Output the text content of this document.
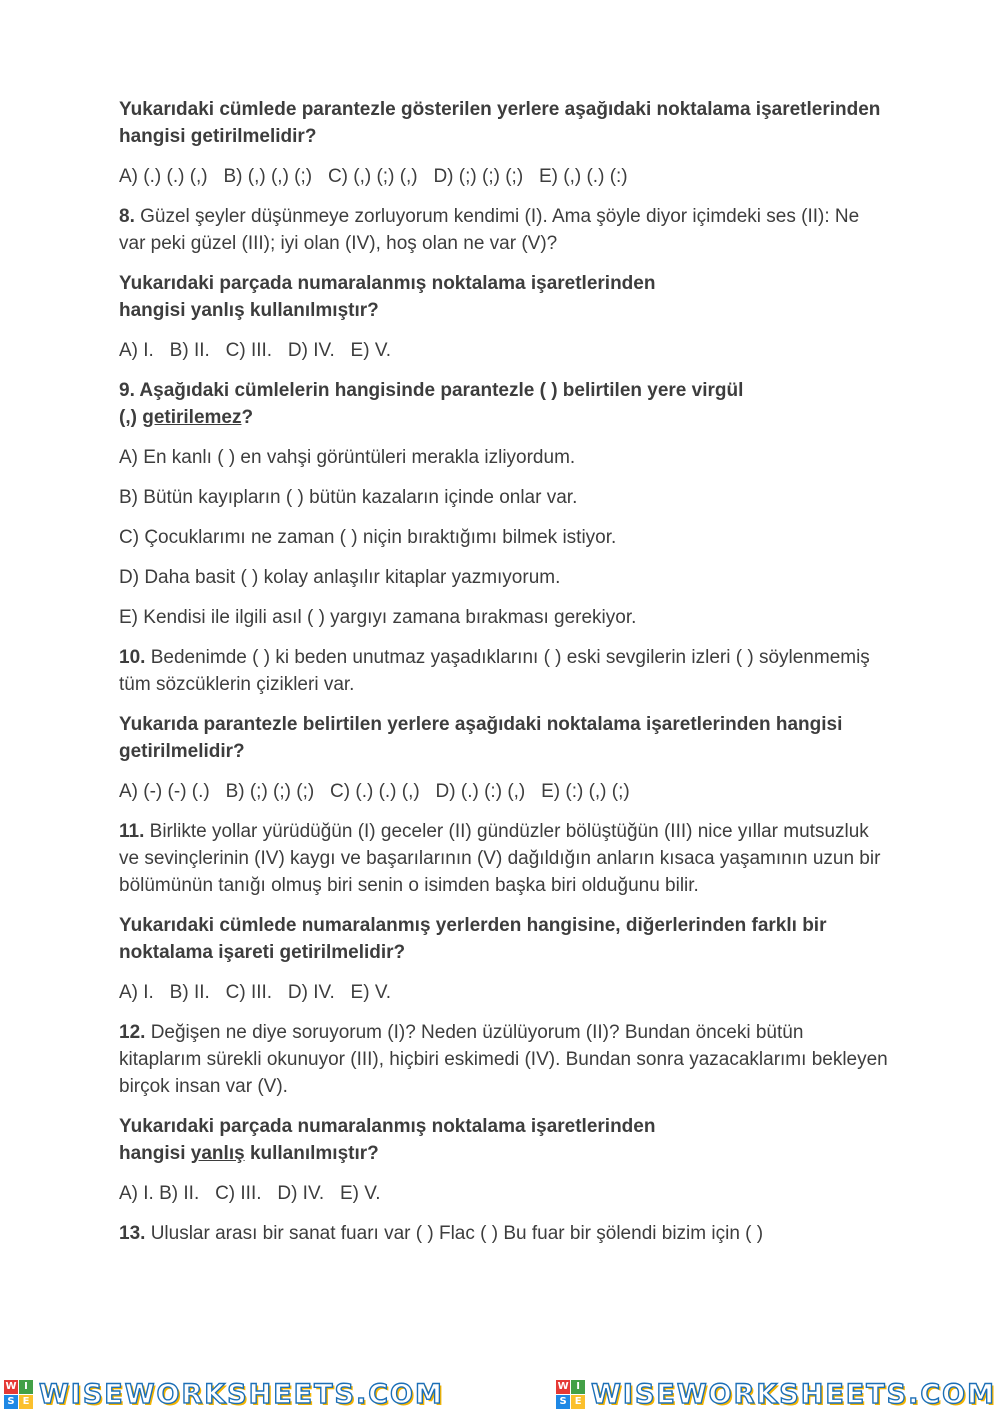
Yukarıdaki cümlede parantezle gösterilen yerlere aşağıdaki noktalama işaretlerinden hangisi getirilmelidir?

A) (.) (.) (,)   B) (,) (,) (;)   C) (,) (;) (,)   D) (;) (;) (;)   E) (,) (.) (:)

8. Güzel şeyler düşünmeye zorluyorum kendimi (I). Ama şöyle diyor içimdeki ses (II): Ne var peki güzel (III); iyi olan (IV), hoş olan ne var (V)?

Yukarıdaki parçada numaralanmış noktalama işaretlerinden
hangisi yanlış kullanılmıştır?

A) I.   B) II.   C) III.   D) IV.   E) V.

9. Aşağıdaki cümlelerin hangisinde parantezle ( ) belirtilen yere virgül
(,) getirilemez?

A) En kanlı ( ) en vahşi görüntüleri merakla izliyordum.

B) Bütün kayıpların ( ) bütün kazaların içinde onlar var.

C) Çocuklarımı ne zaman ( ) niçin bıraktığımı bilmek istiyor.

D) Daha basit ( ) kolay anlaşılır kitaplar yazmıyorum.

E) Kendisi ile ilgili asıl ( ) yargıyı zamana bırakması gerekiyor.

10. Bedenimde ( ) ki beden unutmaz yaşadıklarını ( ) eski sevgilerin izleri ( ) söylenmemiş tüm sözcüklerin çizikleri var.

Yukarıda parantezle belirtilen yerlere aşağıdaki noktalama işaretlerinden hangisi getirilmelidir?

A) (-) (-) (.)   B) (;) (;) (;)   C) (.) (.) (,)   D) (.) (:) (,)   E) (:) (,) (;)

11. Birlikte yollar yürüdüğün (I) geceler (II) gündüzler bölüştüğün (III) nice yıllar mutsuzluk ve sevinçlerinin (IV) kaygı ve başarılarının (V) dağıldığın anların kısaca yaşamının uzun bir bölümünün tanığı olmuş biri senin o isimden başka biri olduğunu bilir.

Yukarıdaki cümlede numaralanmış yerlerden hangisine, diğerlerinden farklı bir noktalama işareti getirilmelidir?

A) I.   B) II.   C) III.   D) IV.   E) V.

12. Değişen ne diye soruyorum (I)? Neden üzülüyorum (II)? Bundan önceki bütün kitaplarım sürekli okunuyor (III), hiçbiri eskimedi (IV). Bundan sonra yazacaklarımı bekleyen birçok insan var (V).

Yukarıdaki parçada numaralanmış noktalama işaretlerinden
hangisi yanlış kullanılmıştır?

A) I. B) II.   C) III.   D) IV.   E) V.

13. Uluslar arası bir sanat fuarı var ( ) Flac ( ) Bu fuar bir şölendi bizim için ( )

W I
S E WISEWORKSHEETS.COM	W I
S E WISEWORKSHEETS.COM
